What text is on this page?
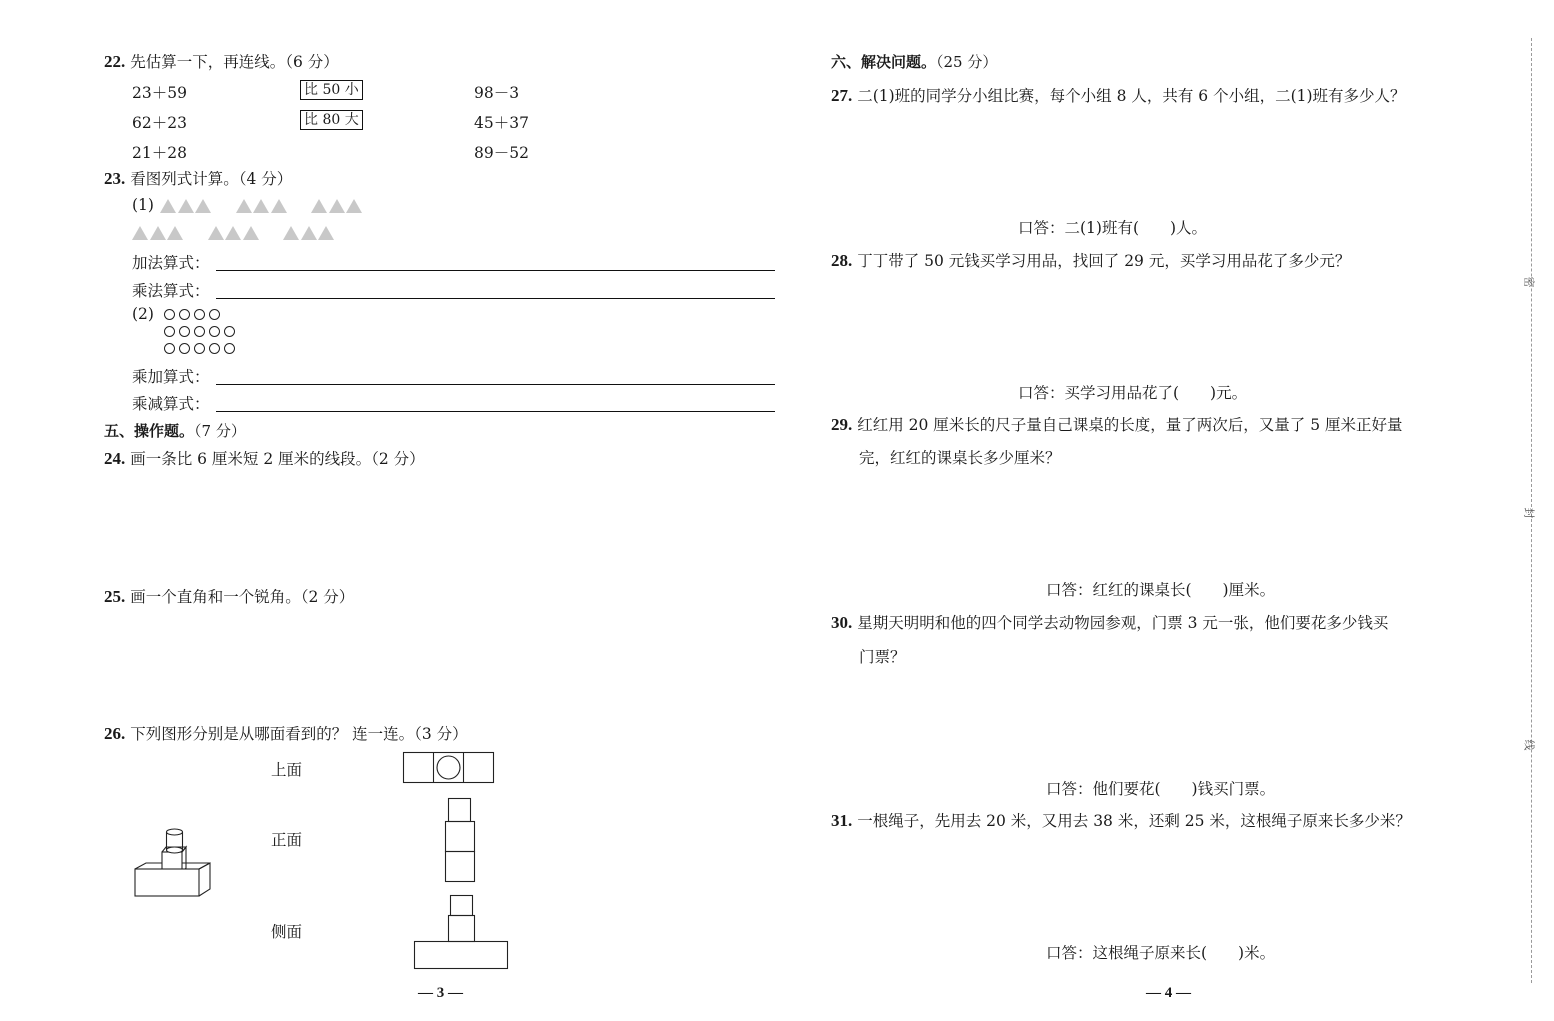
22. 先估算一下，再连线。（6 分）
23＋59
62＋23
21＋28
比 50 小
比 80 大
98－3
45＋37
89－52
23. 看图列式计算。（4 分）
(1)
加法算式：
乘法算式：
(2)
乘加算式：
乘减算式：
五、操作题。（7 分）
24. 画一条比 6 厘米短 2 厘米的线段。（2 分）
25. 画一个直角和一个锐角。（2 分）
26. 下列图形分别是从哪面看到的？ 连一连。（3 分）
上面
正面
侧面
— 3 —
六、解决问题。（25 分）
27. 二(1)班的同学分小组比赛，每个小组 8 人，共有 6 个小组，二(1)班有多少人？
口答：二(1)班有(　　)人。
28. 丁丁带了 50 元钱买学习用品，找回了 29 元，买学习用品花了多少元？
口答：买学习用品花了(　　)元。
29. 红红用 20 厘米长的尺子量自己课桌的长度，量了两次后，又量了 5 厘米正好量
完，红红的课桌长多少厘米？
口答：红红的课桌长(　　)厘米。
30. 星期天明明和他的四个同学去动物园参观，门票 3 元一张，他们要花多少钱买
门票？
口答：他们要花(　　)钱买门票。
31. 一根绳子，先用去 20 米，又用去 38 米，还剩 25 米，这根绳子原来长多少米？
口答：这根绳子原来长(　　)米。
— 4 —
密
封
线
